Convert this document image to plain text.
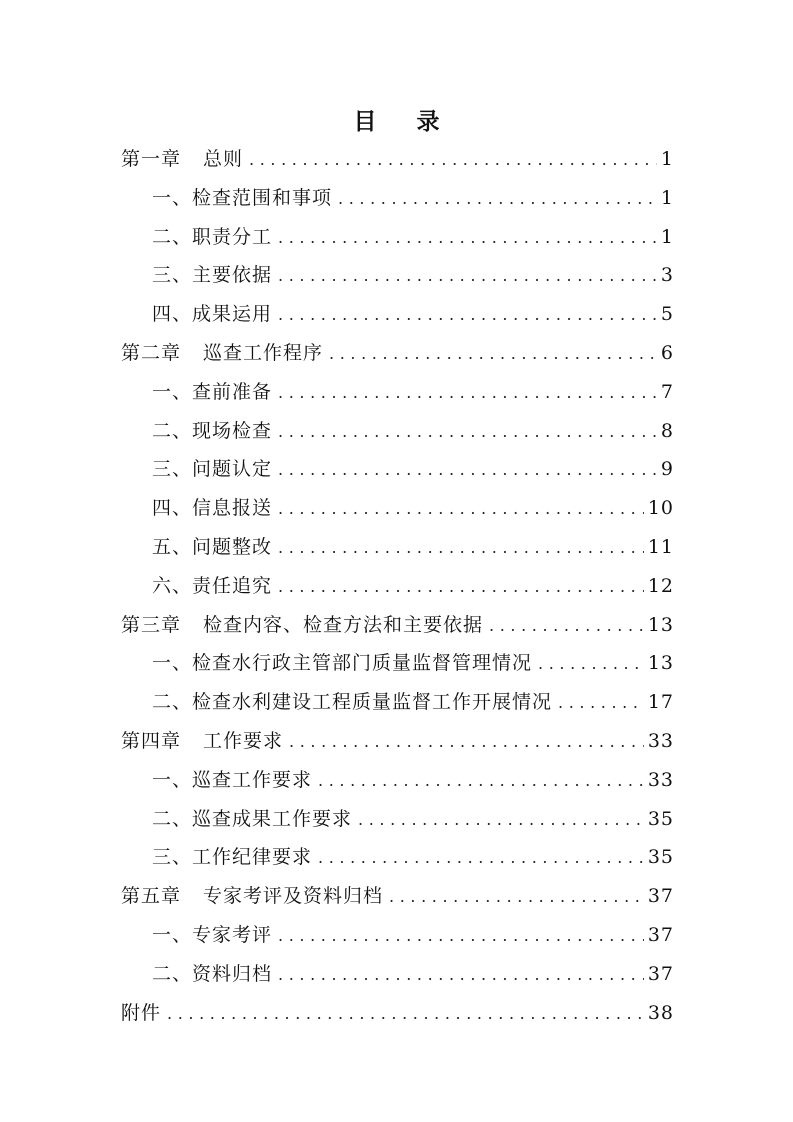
目 录
第一章 总则 .....	1
一、检查范围和事项 .....	1
二、职责分工 .....	1
三、主要依据 .....	3
四、成果运用 .....	5
第二章 巡查工作程序 .....	6
一、查前准备 .....	7
二、现场检查 .....	8
三、问题认定 .....	9
四、信息报送 .....	10
五、问题整改 .....	11
六、责任追究 .....	12
第三章 检查内容、检查方法和主要依据 .....	13
一、检查水行政主管部门质量监督管理情况 .....	13
二、检查水利建设工程质量监督工作开展情况 .....	17
第四章 工作要求 .....	33
一、巡查工作要求 .....	33
二、巡查成果工作要求 .....	35
三、工作纪律要求 .....	35
第五章 专家考评及资料归档 .....	37
一、专家考评 .....	37
二、资料归档 .....	37
附件 .....	38
